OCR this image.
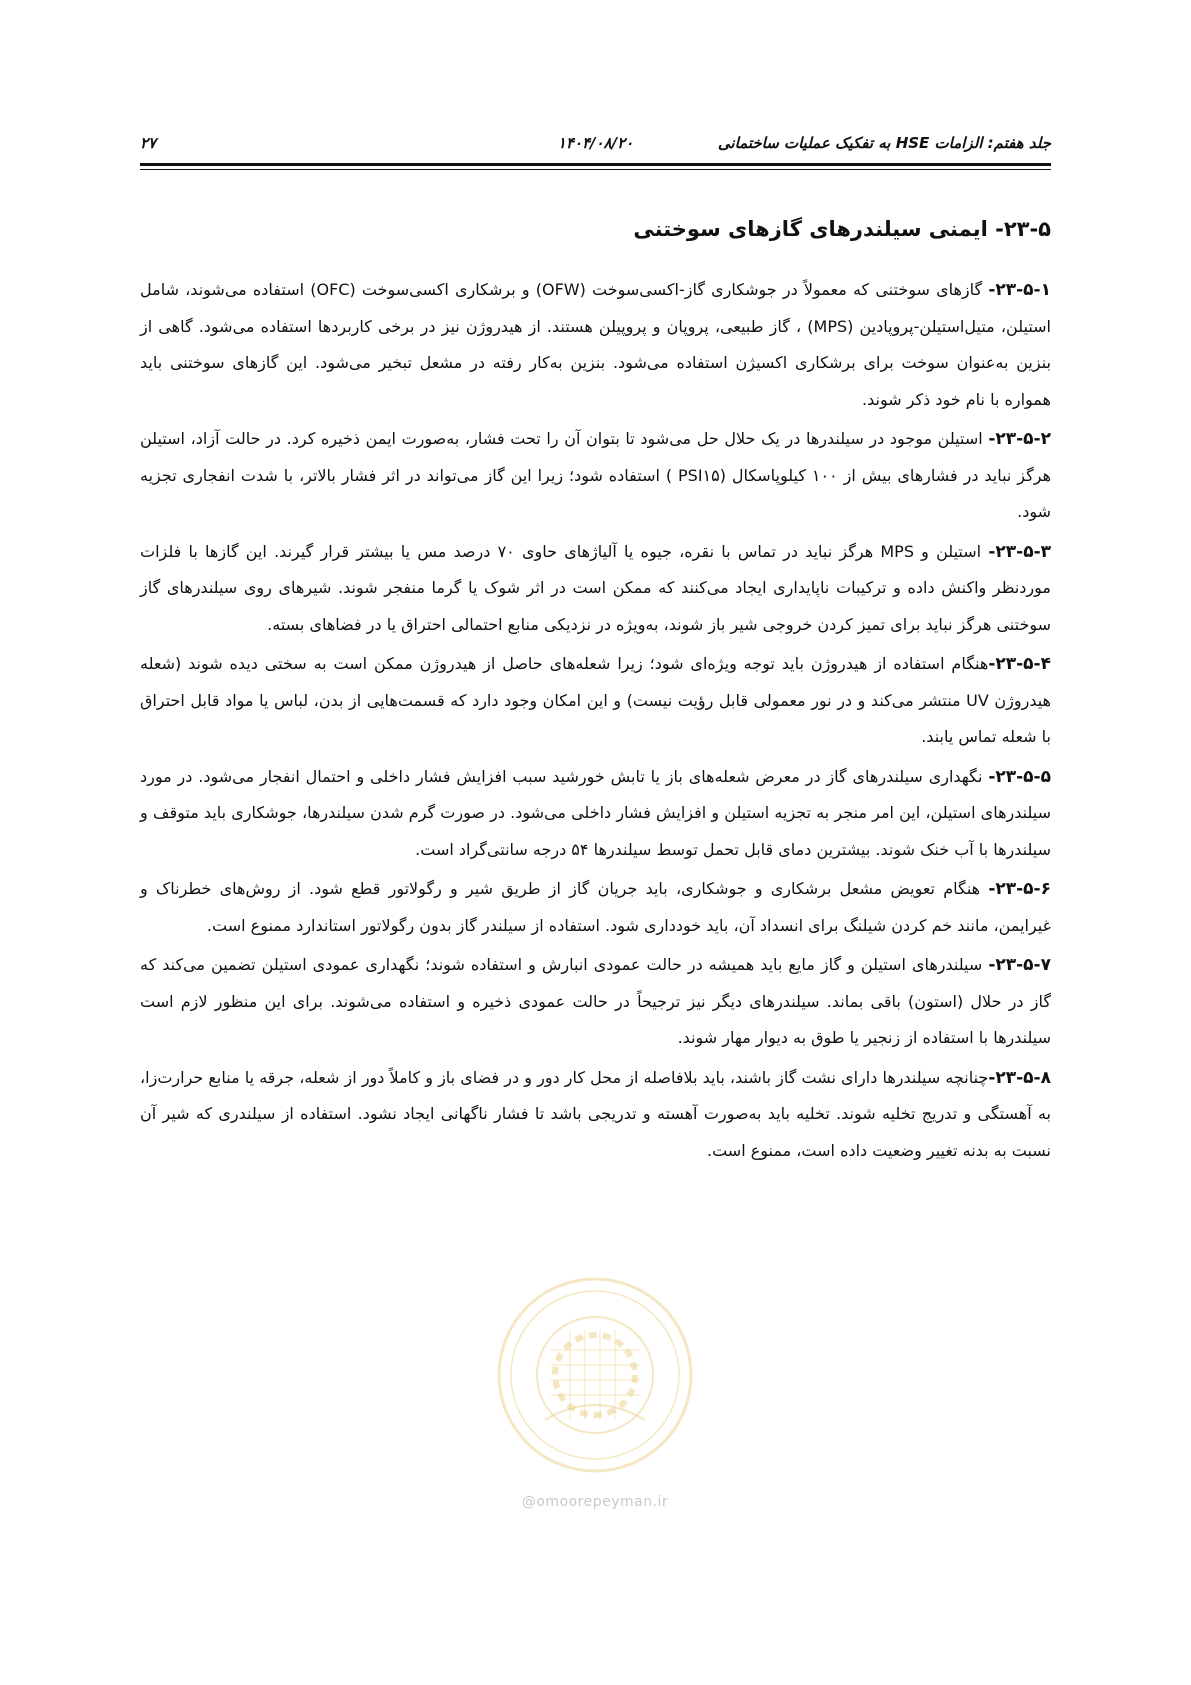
جلد هفتم: الزامات HSE به تفکیک عملیات ساختمانی
۱۴۰۴/۰۸/۲۰
۲۷
۲۳-۵- ایمنی سیلندرهای گازهای سوختنی

۲۳-۵-۱- گازهای سوختنی که معمولاً در جوشکاری گاز-اکسی‌سوخت (OFW) و برشکاری اکسی‌سوخت (OFC) استفاده می‌شوند، شامل استیلن، متیل‌استیلن-پروپادین (MPS) ، گاز طبیعی، پروپان و پروپیلن هستند. از هیدروژن نیز در برخی کاربردها استفاده می‌شود. گاهی از بنزین به‌عنوان سوخت برای برشکاری اکسیژن استفاده می‌شود. بنزین به‌کار رفته در مشعل تبخیر می‌شود. این گازهای سوختنی باید همواره با نام خود ذکر شوند.

۲۳-۵-۲- استیلن موجود در سیلندرها در یک حلال حل می‌شود تا بتوان آن را تحت فشار، به‌صورت ایمن ذخیره کرد. در حالت آزاد، استیلن هرگز نباید در فشارهای بیش از ۱۰۰ کیلوپاسکال (PSI۱۵ ) استفاده شود؛ زیرا این گاز می‌تواند در اثر فشار بالاتر، با شدت انفجاری تجزیه شود.

۲۳-۵-۳- استیلن و MPS هرگز نباید در تماس با نقره، جیوه یا آلیاژهای حاوی ۷۰ درصد مس یا بیشتر قرار گیرند. این گازها با فلزات موردنظر واکنش داده و ترکیبات ناپایداری ایجاد می‌کنند که ممکن است در اثر شوک یا گرما منفجر شوند. شیرهای روی سیلندرهای گاز سوختنی هرگز نباید برای تمیز کردن خروجی شیر باز شوند، به‌ویژه در نزدیکی منابع احتمالی احتراق یا در فضاهای بسته.

۲۳-۵-۴-هنگام استفاده از هیدروژن باید توجه ویژه‌ای شود؛ زیرا شعله‌های حاصل از هیدروژن ممکن است به سختی دیده شوند (شعله هیدروژن UV منتشر می‌کند و در نور معمولی قابل رؤیت نیست) و این امکان وجود دارد که قسمت‌هایی از بدن، لباس یا مواد قابل احتراق با شعله تماس یابند.

۲۳-۵-۵- نگهداری سیلندرهای گاز در معرض شعله‌های باز یا تابش خورشید سبب افزایش فشار داخلی و احتمال انفجار می‌شود. در مورد سیلندرهای استیلن، این امر منجر به تجزیه استیلن و افزایش فشار داخلی می‌شود. در صورت گرم شدن سیلندرها، جوشکاری باید متوقف و سیلندرها با آب خنک شوند. بیشترین دمای قابل تحمل توسط سیلندرها ۵۴ درجه سانتی‌گراد است.

۲۳-۵-۶- هنگام تعویض مشعل برشکاری و جوشکاری، باید جریان گاز از طریق شیر و رگولاتور قطع شود. از روش‌های خطرناک و غیرایمن، مانند خم کردن شیلنگ برای انسداد آن، باید خودداری شود. استفاده از سیلندر گاز بدون رگولاتور استاندارد ممنوع است.

۲۳-۵-۷- سیلندرهای استیلن و گاز مایع باید همیشه در حالت عمودی انبارش و استفاده شوند؛ نگهداری عمودی استیلن تضمین می‌کند که گاز در حلال (استون) باقی بماند. سیلندرهای دیگر نیز ترجیحاً در حالت عمودی ذخیره و استفاده می‌شوند. برای این منظور لازم است سیلندرها با استفاده از زنجیر یا طوق به دیوار مهار شوند.

۲۳-۵-۸-چنانچه سیلندرها دارای نشت گاز باشند، باید بلافاصله از محل کار دور و در فضای باز و کاملاً دور از شعله، جرقه یا منابع حرارت‌زا، به آهستگی و تدریج تخلیه شوند. تخلیه باید به‌صورت آهسته و تدریجی باشد تا فشار ناگهانی ایجاد نشود. استفاده از سیلندری که شیر آن نسبت به بدنه تغییر وضعیت داده است، ممنوع است.

@omoorepeyman.ir
